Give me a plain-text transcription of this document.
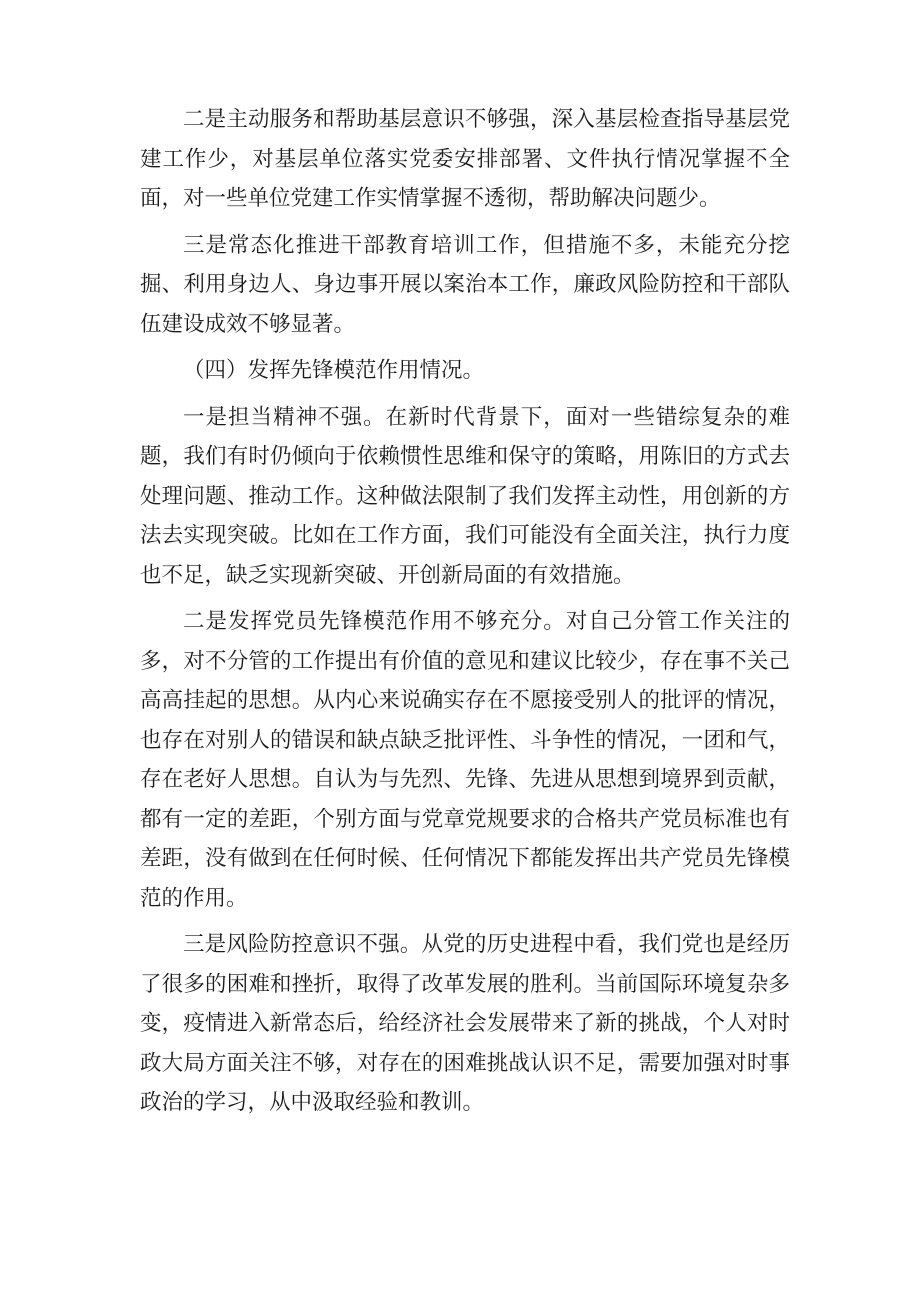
二是主动服务和帮助基层意识不够强，深入基层检查指导基层党建工作少，对基层单位落实党委安排部署、文件执行情况掌握不全面，对一些单位党建工作实情掌握不透彻，帮助解决问题少。

三是常态化推进干部教育培训工作，但措施不多，未能充分挖掘、利用身边人、身边事开展以案治本工作，廉政风险防控和干部队伍建设成效不够显著。

（四）发挥先锋模范作用情况。

一是担当精神不强。在新时代背景下，面对一些错综复杂的难题，我们有时仍倾向于依赖惯性思维和保守的策略，用陈旧的方式去处理问题、推动工作。这种做法限制了我们发挥主动性，用创新的方法去实现突破。比如在工作方面，我们可能没有全面关注，执行力度也不足，缺乏实现新突破、开创新局面的有效措施。

二是发挥党员先锋模范作用不够充分。对自己分管工作关注的多，对不分管的工作提出有价值的意见和建议比较少，存在事不关己高高挂起的思想。从内心来说确实存在不愿接受别人的批评的情况，也存在对别人的错误和缺点缺乏批评性、斗争性的情况，一团和气，存在老好人思想。自认为与先烈、先锋、先进从思想到境界到贡献，都有一定的差距，个别方面与党章党规要求的合格共产党员标准也有差距，没有做到在任何时候、任何情况下都能发挥出共产党员先锋模范的作用。

三是风险防控意识不强。从党的历史进程中看，我们党也是经历了很多的困难和挫折，取得了改革发展的胜利。当前国际环境复杂多变，疫情进入新常态后，给经济社会发展带来了新的挑战，个人对时政大局方面关注不够，对存在的困难挑战认识不足，需要加强对时事政治的学习，从中汲取经验和教训。
